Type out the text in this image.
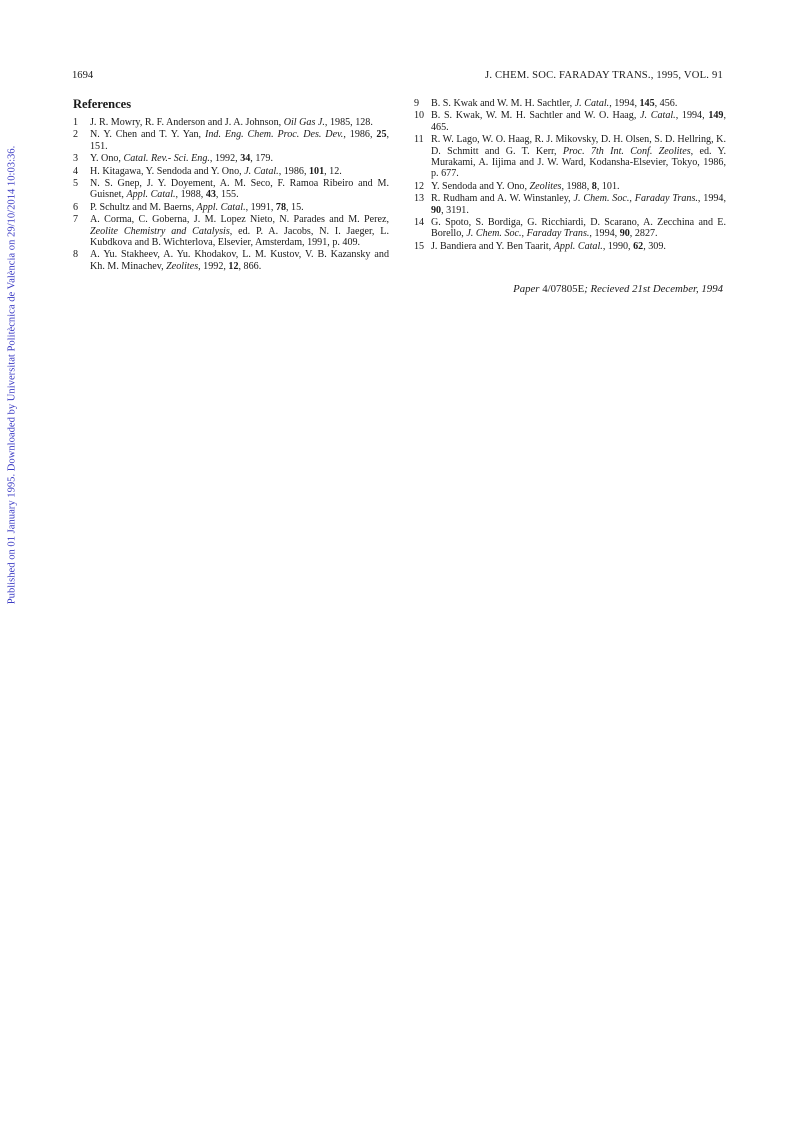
Published on 01 January 1995. Downloaded by Universitat Politècnica de València on 29/10/2014 10:03:36.
1694	J. CHEM. SOC. FARADAY TRANS., 1995, VOL. 91
References
1	J. R. Mowry, R. F. Anderson and J. A. Johnson, Oil Gas J., 1985, 128.
2	N. Y. Chen and T. Y. Yan, Ind. Eng. Chem. Proc. Des. Dev., 1986, 25, 151.
3	Y. Ono, Catal. Rev.- Sci. Eng., 1992, 34, 179.
4	H. Kitagawa, Y. Sendoda and Y. Ono, J. Catal., 1986, 101, 12.
5	N. S. Gnep, J. Y. Doyement, A. M. Seco, F. Ramoa Ribeiro and M. Guisnet, Appl. Catal., 1988, 43, 155.
6	P. Schultz and M. Baerns, Appl. Catal., 1991, 78, 15.
7	A. Corma, C. Goberna, J. M. Lopez Nieto, N. Parades and M. Perez, Zeolite Chemistry and Catalysis, ed. P. A. Jacobs, N. I. Jaeger, L. Kubdkova and B. Wichterlova, Elsevier, Amsterdam, 1991, p. 409.
8	A. Yu. Stakheev, A. Yu. Khodakov, L. M. Kustov, V. B. Kazansky and Kh. M. Minachev, Zeolites, 1992, 12, 866.
9	B. S. Kwak and W. M. H. Sachtler, J. Catal., 1994, 145, 456.
10 B. S. Kwak, W. M. H. Sachtler and W. O. Haag, J. Catal., 1994, 149, 465.
11 R. W. Lago, W. O. Haag, R. J. Mikovsky, D. H. Olsen, S. D. Hellring, K. D. Schmitt and G. T. Kerr, Proc. 7th Int. Conf. Zeolites, ed. Y. Murakami, A. Iijima and J. W. Ward, Kodansha-Elsevier, Tokyo, 1986, p. 677.
12 Y. Sendoda and Y. Ono, Zeolites, 1988, 8, 101.
13 R. Rudham and A. W. Winstanley, J. Chem. Soc., Faraday Trans., 1994, 90, 3191.
14 G. Spoto, S. Bordiga, G. Ricchiardi, D. Scarano, A. Zecchina and E. Borello, J. Chem. Soc., Faraday Trans., 1994, 90, 2827.
15 J. Bandiera and Y. Ben Taarit, Appl. Catal., 1990, 62, 309.
Paper 4/07805E; Recieved 21st December, 1994
